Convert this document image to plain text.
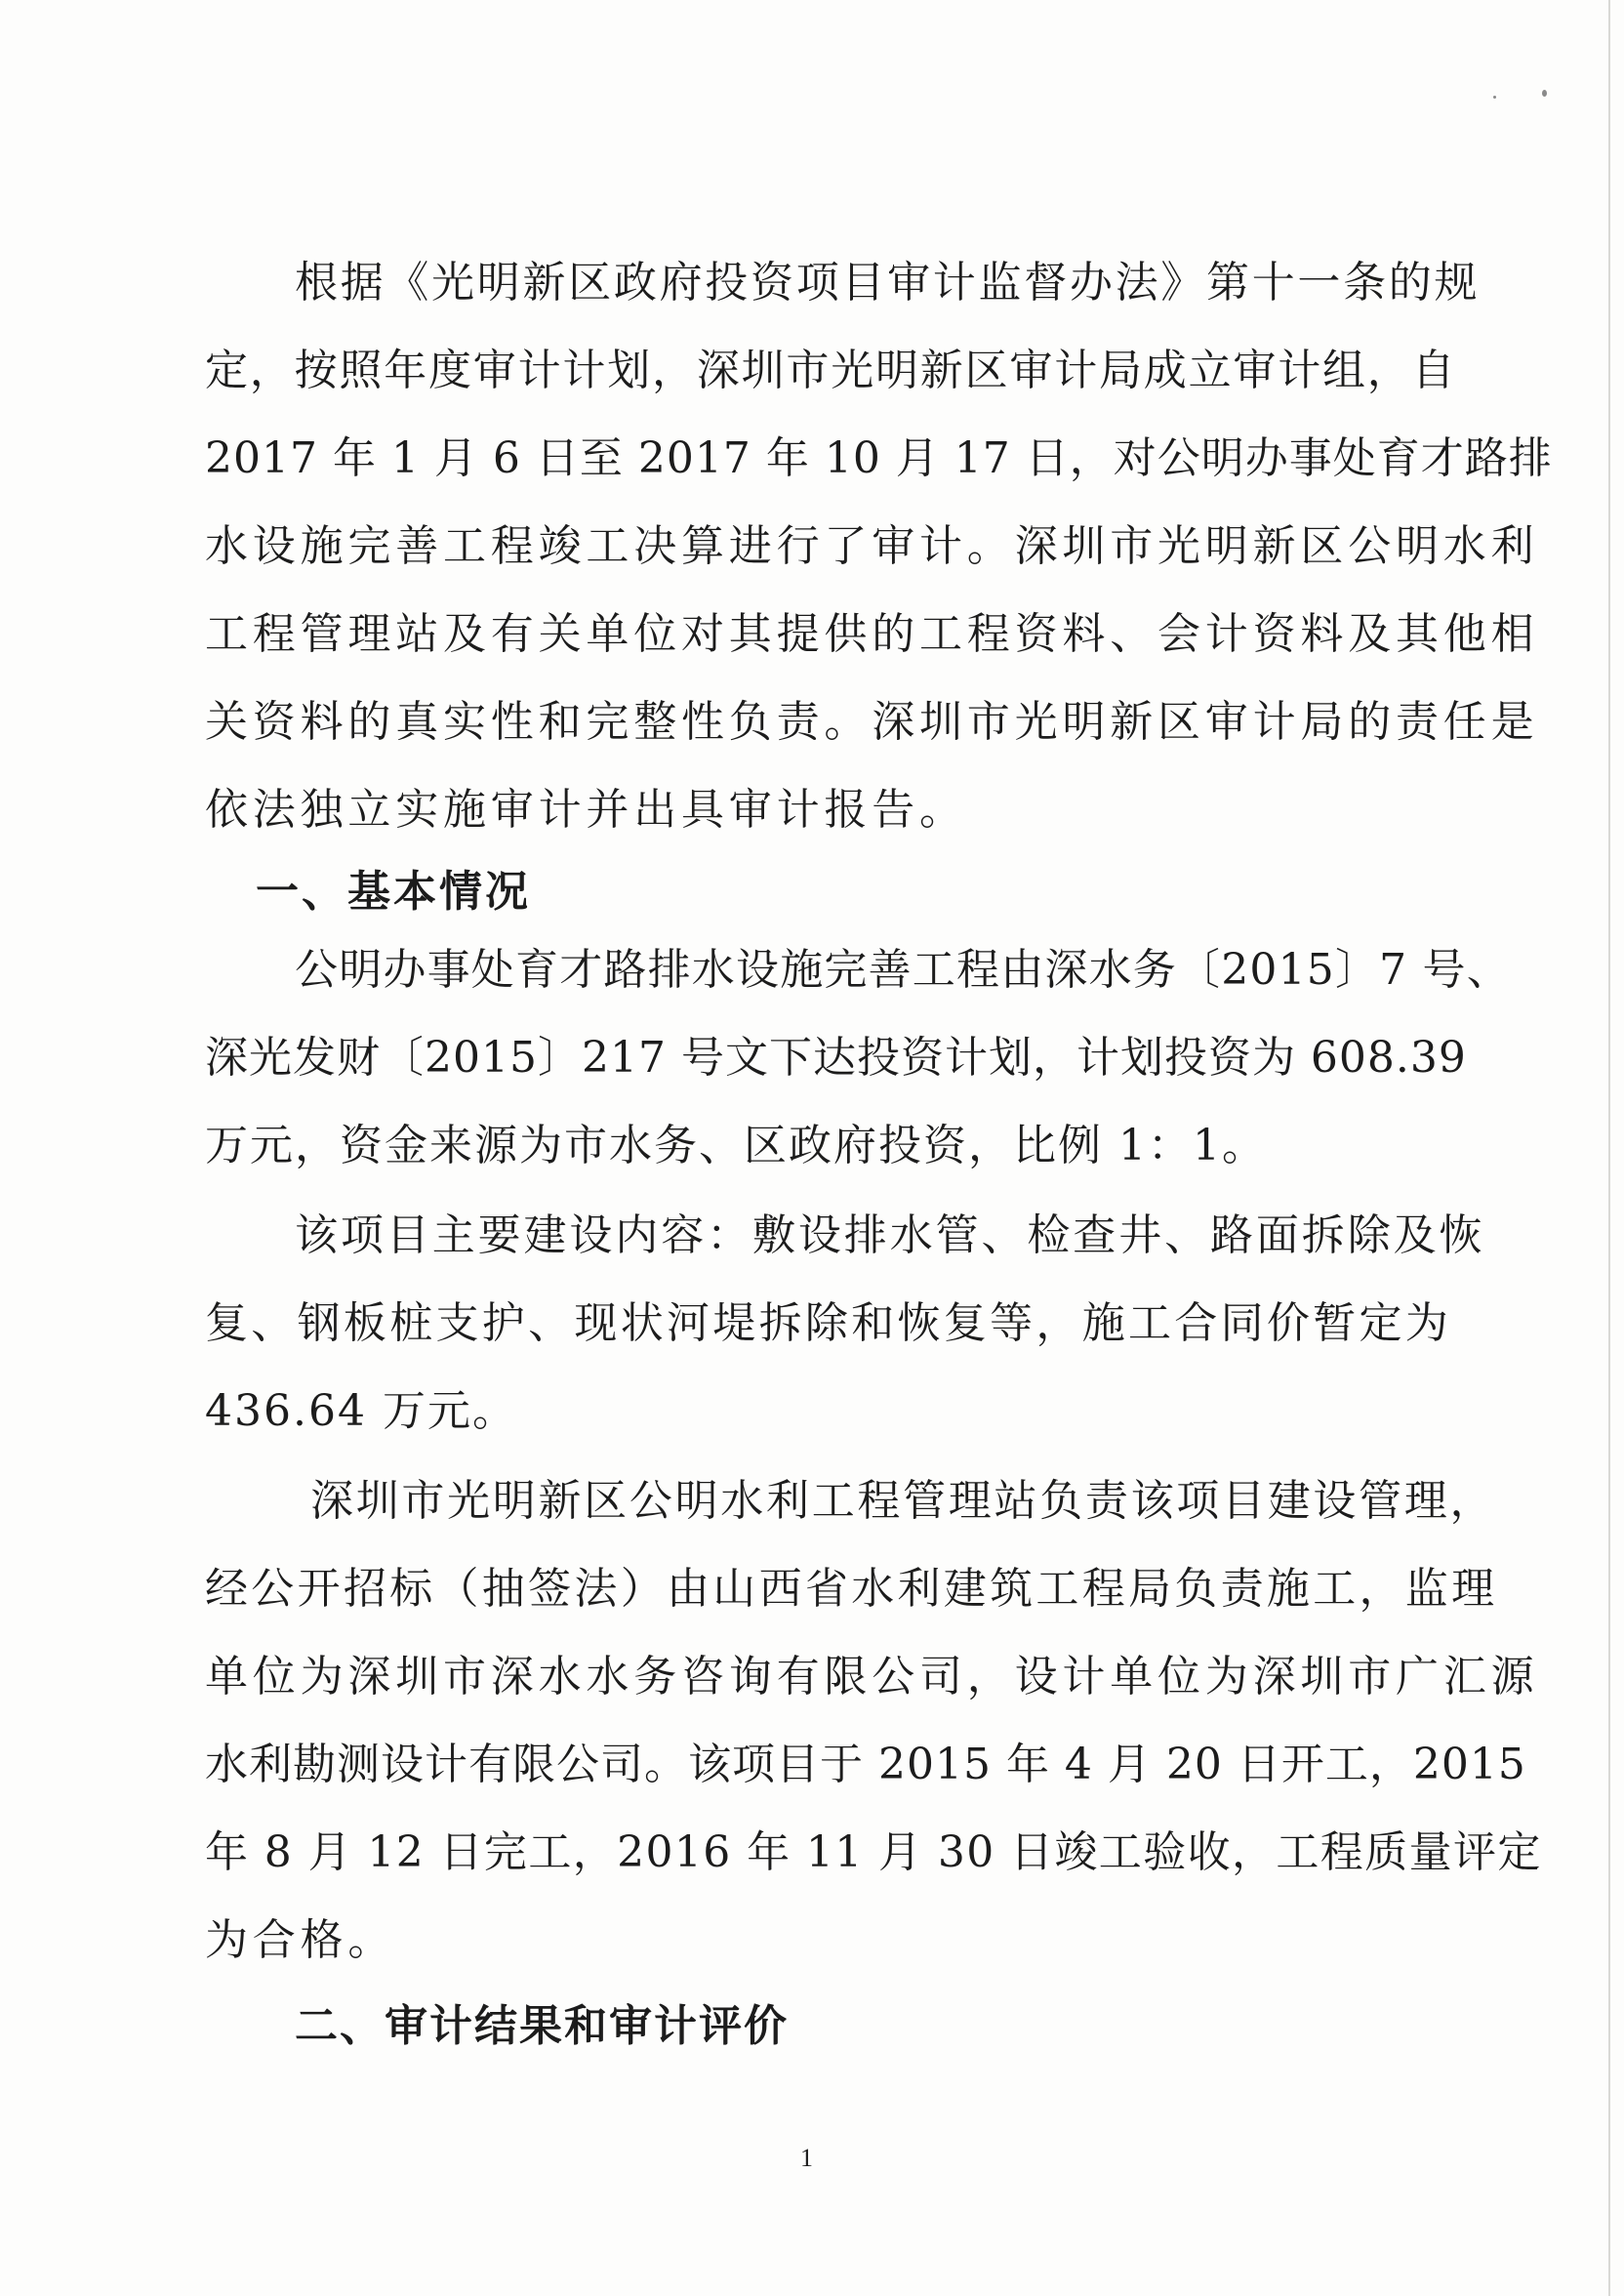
根据《光明新区政府投资项目审计监督办法》第十一条的规
定，按照年度审计计划，深圳市光明新区审计局成立审计组，自
2017 年 1 月 6 日至 2017 年 10 月 17 日，对公明办事处育才路排
水设施完善工程竣工决算进行了审计。深圳市光明新区公明水利
工程管理站及有关单位对其提供的工程资料、会计资料及其他相
关资料的真实性和完整性负责。深圳市光明新区审计局的责任是
依法独立实施审计并出具审计报告。
一、基本情况
公明办事处育才路排水设施完善工程由深水务〔2015〕7 号、
深光发财〔2015〕217 号文下达投资计划，计划投资为 608.39
万元，资金来源为市水务、区政府投资，比例 1：1。
该项目主要建设内容：敷设排水管、检查井、路面拆除及恢
复、钢板桩支护、现状河堤拆除和恢复等，施工合同价暂定为
436.64 万元。
深圳市光明新区公明水利工程管理站负责该项目建设管理，
经公开招标（抽签法）由山西省水利建筑工程局负责施工，监理
单位为深圳市深水水务咨询有限公司，设计单位为深圳市广汇源
水利勘测设计有限公司。该项目于 2015 年 4 月 20 日开工，2015
年 8 月 12 日完工，2016 年 11 月 30 日竣工验收，工程质量评定
为合格。
二、审计结果和审计评价
1
